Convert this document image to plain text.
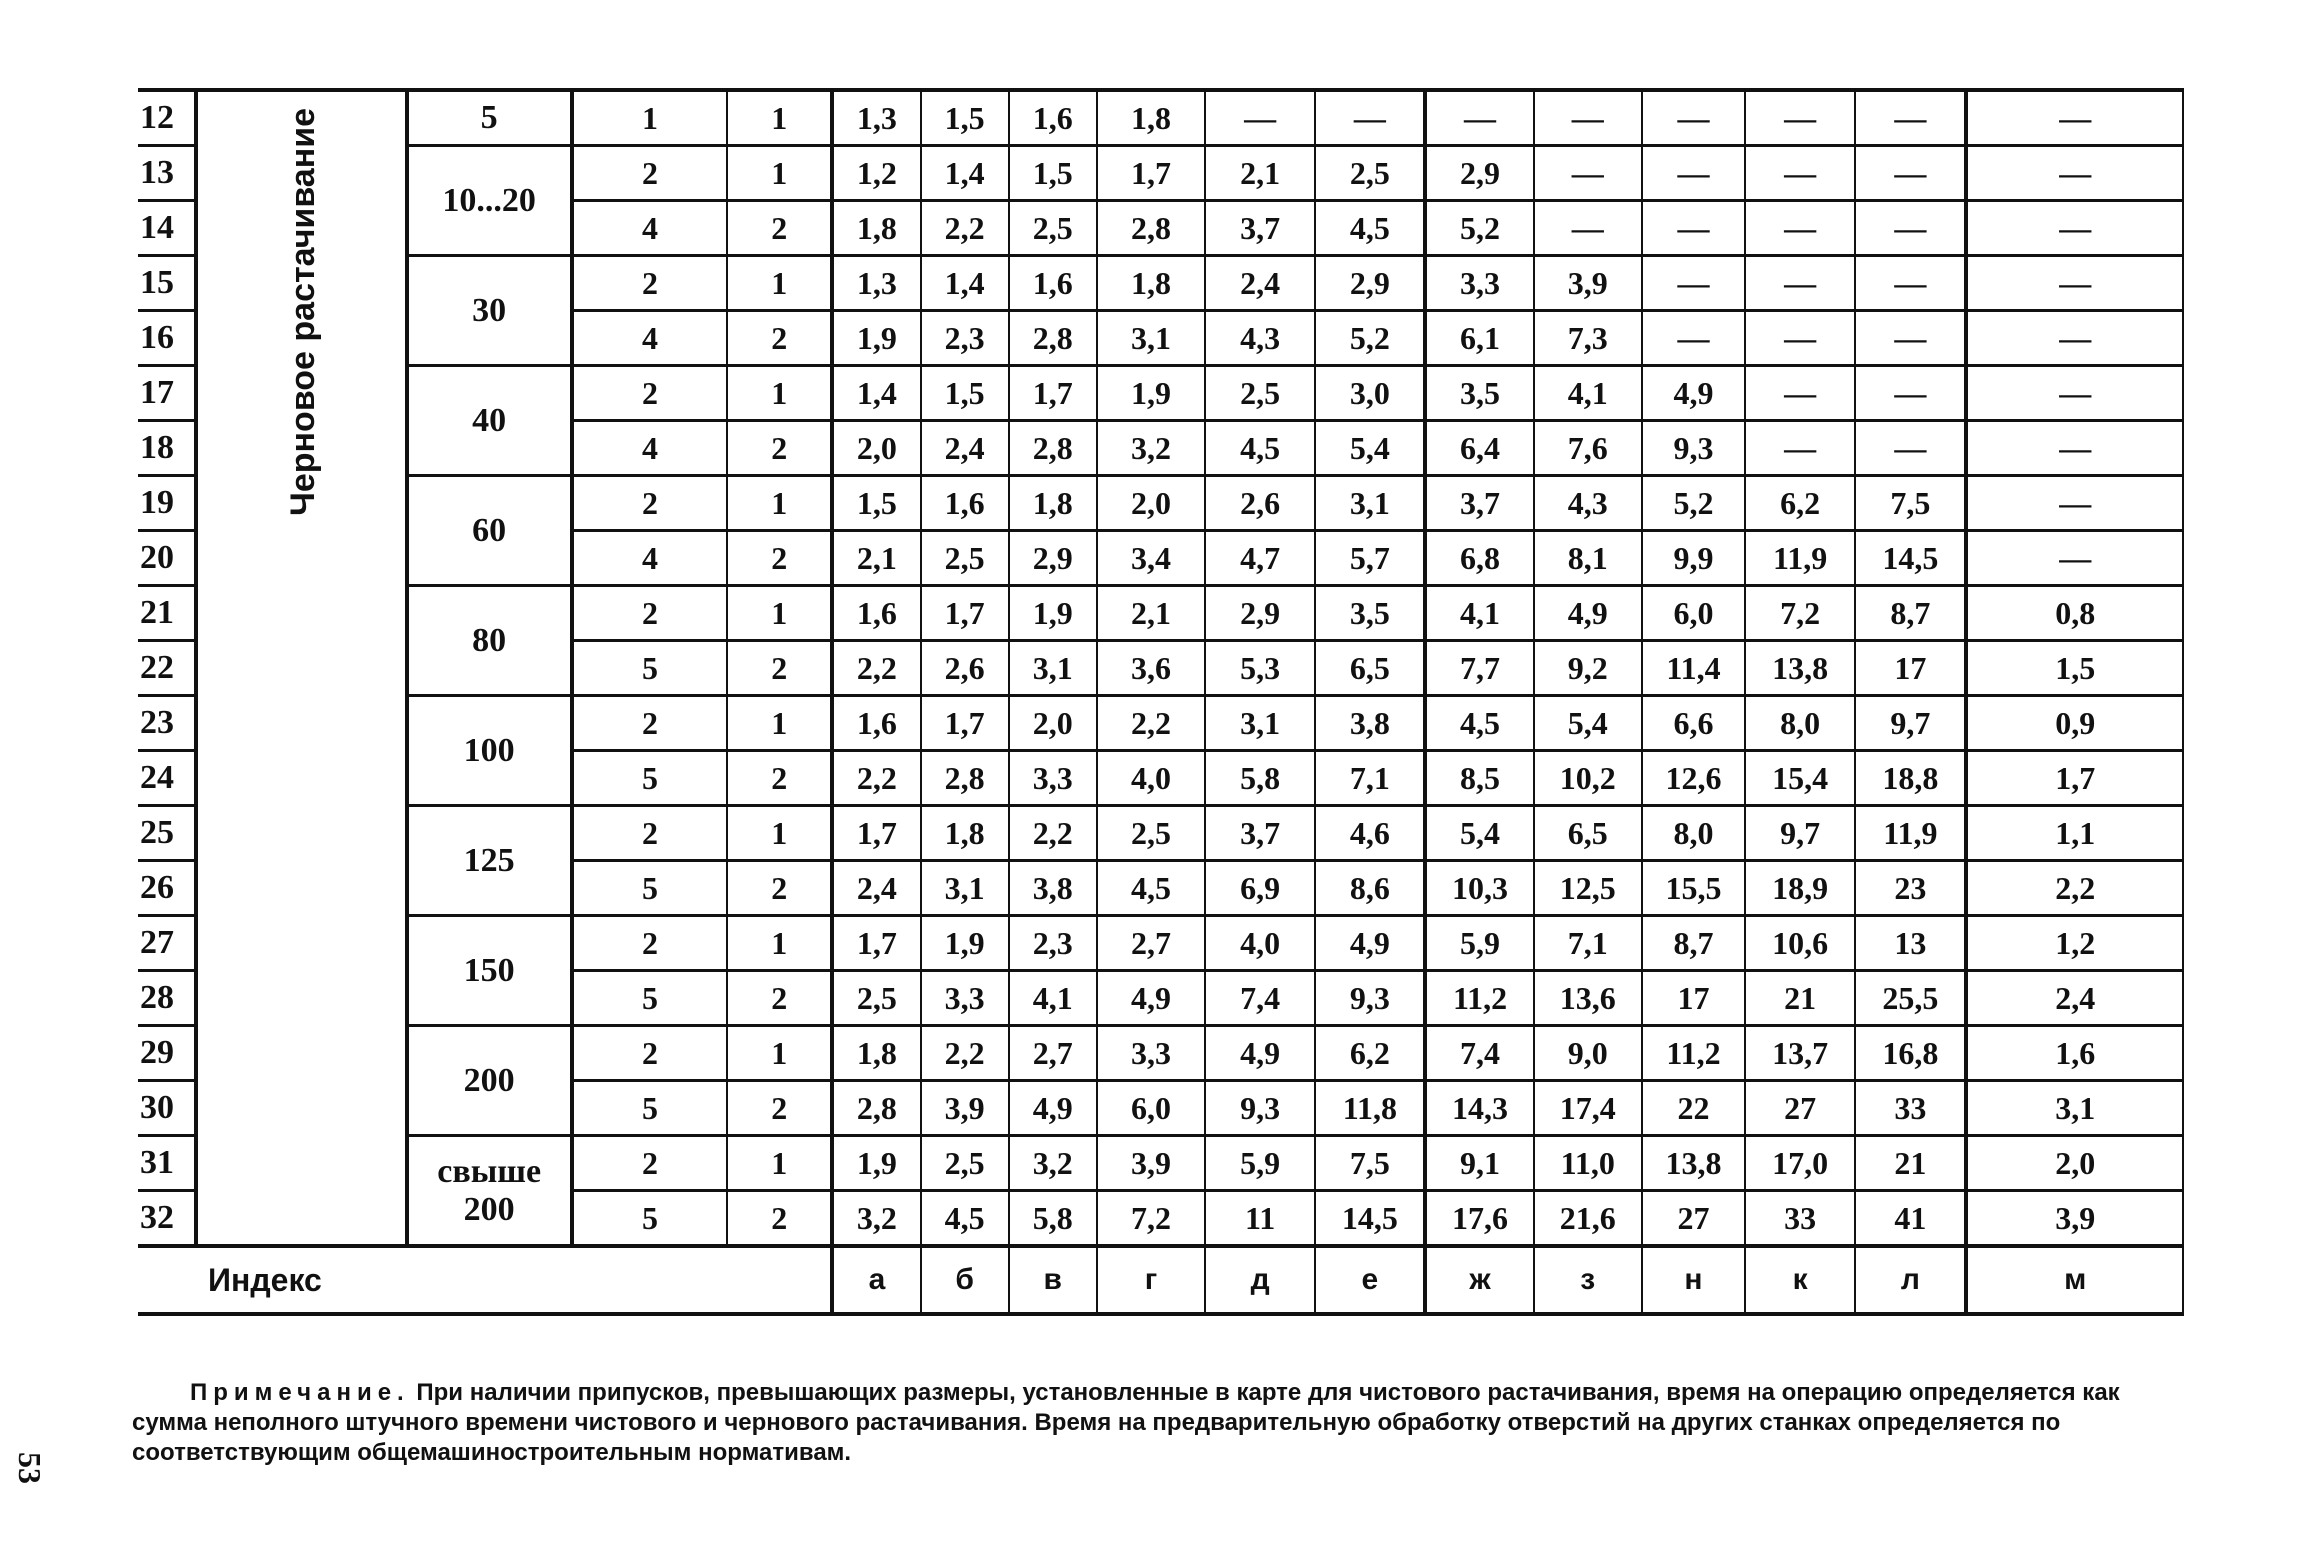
12	Черновое растачивание	5	1	1	1,3	1,5	1,6	1,8	—	—	—	—	—	—	—	—
13		10...20	2	1	1,2	1,4	1,5	1,7	2,1	2,5	2,9	—	—	—	—	—
14			4	2	1,8	2,2	2,5	2,8	3,7	4,5	5,2	—	—	—	—	—
15		30	2	1	1,3	1,4	1,6	1,8	2,4	2,9	3,3	3,9	—	—	—	—
16			4	2	1,9	2,3	2,8	3,1	4,3	5,2	6,1	7,3	—	—	—	—
17		40	2	1	1,4	1,5	1,7	1,9	2,5	3,0	3,5	4,1	4,9	—	—	—
18			4	2	2,0	2,4	2,8	3,2	4,5	5,4	6,4	7,6	9,3	—	—	—
19		60	2	1	1,5	1,6	1,8	2,0	2,6	3,1	3,7	4,3	5,2	6,2	7,5	—
20			4	2	2,1	2,5	2,9	3,4	4,7	5,7	6,8	8,1	9,9	11,9	14,5	—
21		80	2	1	1,6	1,7	1,9	2,1	2,9	3,5	4,1	4,9	6,0	7,2	8,7	0,8
22			5	2	2,2	2,6	3,1	3,6	5,3	6,5	7,7	9,2	11,4	13,8	17	1,5
23		100	2	1	1,6	1,7	2,0	2,2	3,1	3,8	4,5	5,4	6,6	8,0	9,7	0,9
24			5	2	2,2	2,8	3,3	4,0	5,8	7,1	8,5	10,2	12,6	15,4	18,8	1,7
25		125	2	1	1,7	1,8	2,2	2,5	3,7	4,6	5,4	6,5	8,0	9,7	11,9	1,1
26			5	2	2,4	3,1	3,8	4,5	6,9	8,6	10,3	12,5	15,5	18,9	23	2,2
27		150	2	1	1,7	1,9	2,3	2,7	4,0	4,9	5,9	7,1	8,7	10,6	13	1,2
28			5	2	2,5	3,3	4,1	4,9	7,4	9,3	11,2	13,6	17	21	25,5	2,4
29		200	2	1	1,8	2,2	2,7	3,3	4,9	6,2	7,4	9,0	11,2	13,7	16,8	1,6
30			5	2	2,8	3,9	4,9	6,0	9,3	11,8	14,3	17,4	22	27	33	3,1
31		свыше 200	2	1	1,9	2,5	3,2	3,9	5,9	7,5	9,1	11,0	13,8	17,0	21	2,0
32			5	2	3,2	4,5	5,8	7,2	11	14,5	17,6	21,6	27	33	41	3,9
Индекс					а	б	в	г	д	е	ж	з	н	к	л	м
Примечание. При наличии припусков, превышающих размеры, установленные в карте для чистового растачивания, время на операцию определяется как сумма неполного штучного времени чистового и чернового растачивания. Время на предварительную обработку отверстий на других станках определяется по соответствующим общемашиностроительным нормативам.
53
